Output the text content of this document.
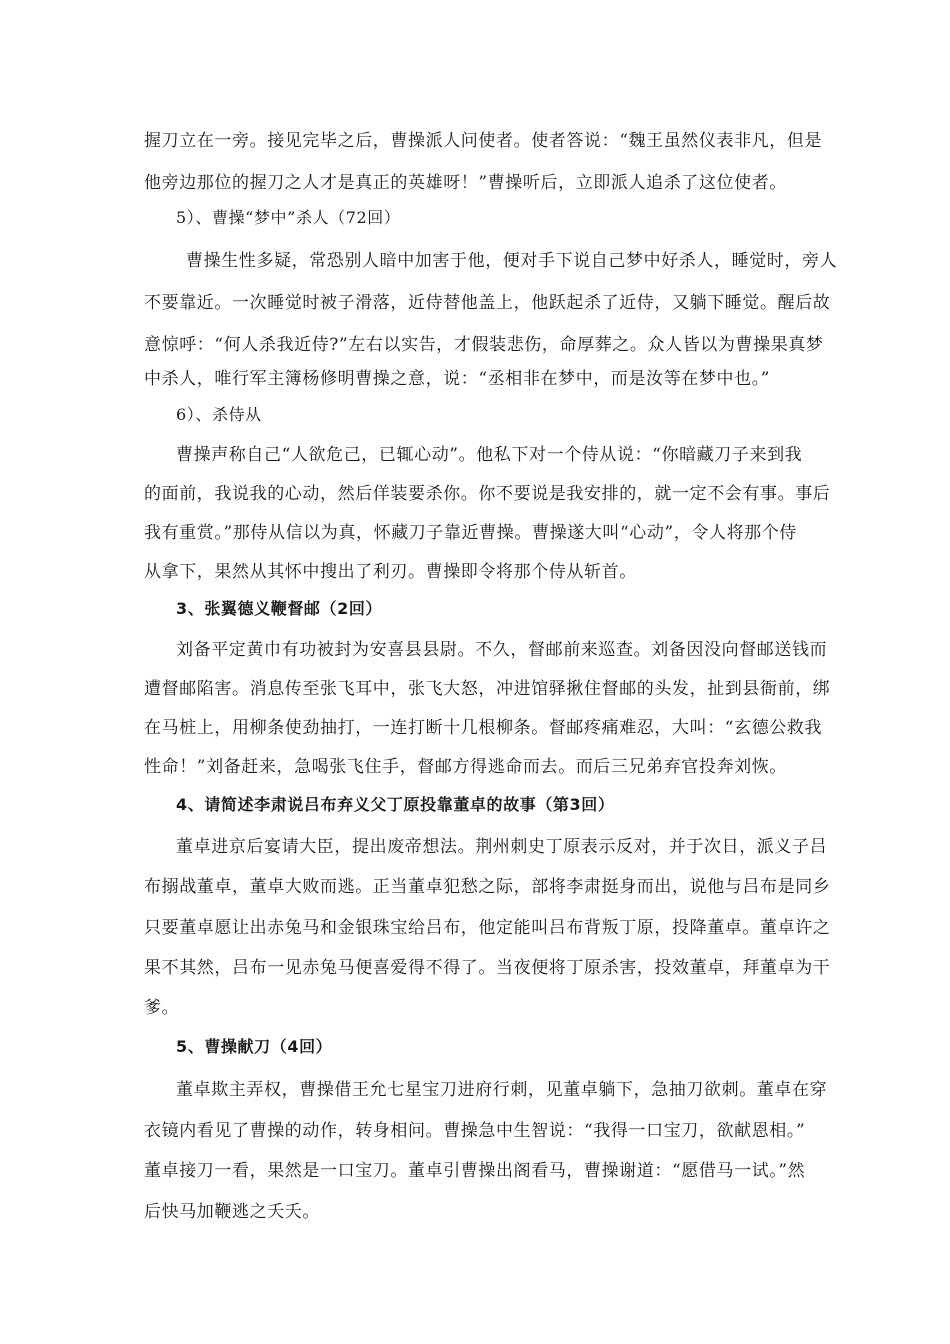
握刀立在一旁。接见完毕之后，曹操派人问使者。使者答说：“魏王虽然仪表非凡，但是
他旁边那位的握刀之人才是真正的英雄呀！”曹操听后，立即派人追杀了这位使者。
5）、曹操“梦中”杀人（72回）
曹操生性多疑，常恐别人暗中加害于他，便对手下说自己梦中好杀人，睡觉时，旁人
不要靠近。一次睡觉时被子滑落，近侍替他盖上，他跃起杀了近侍，又躺下睡觉。醒后故
意惊呼：“何人杀我近侍?”左右以实告，才假装悲伤，命厚葬之。众人皆以为曹操果真梦
中杀人，唯行军主簿杨修明曹操之意，说：“丞相非在梦中，而是汝等在梦中也。”
6）、杀侍从
曹操声称自己“人欲危己，已辄心动”。他私下对一个侍从说：“你暗藏刀子来到我
的面前，我说我的心动，然后佯装要杀你。你不要说是我安排的，就一定不会有事。事后
我有重赏。”那侍从信以为真，怀藏刀子靠近曹操。曹操遂大叫“心动”，令人将那个侍
从拿下，果然从其怀中搜出了利刃。曹操即令将那个侍从斩首。
3、张翼德义鞭督邮（2回）
刘备平定黄巾有功被封为安喜县县尉。不久，督邮前来巡查。刘备因没向督邮送钱而
遭督邮陷害。消息传至张飞耳中，张飞大怒，冲进馆驿揪住督邮的头发，扯到县衙前，绑
在马桩上，用柳条使劲抽打，一连打断十几根柳条。督邮疼痛难忍，大叫：“玄德公救我
性命！”刘备赶来，急喝张飞住手，督邮方得逃命而去。而后三兄弟弃官投奔刘恢。
4、请简述李肃说吕布弃义父丁原投靠董卓的故事（第3回）
董卓进京后宴请大臣，提出废帝想法。荆州刺史丁原表示反对，并于次日，派义子吕
布搦战董卓，董卓大败而逃。正当董卓犯愁之际，部将李肃挺身而出，说他与吕布是同乡
只要董卓愿让出赤兔马和金银珠宝给吕布，他定能叫吕布背叛丁原，投降董卓。董卓许之
果不其然，吕布一见赤兔马便喜爱得不得了。当夜便将丁原杀害，投效董卓，拜董卓为干
爹。
5、曹操献刀（4回）
董卓欺主弄权，曹操借王允七星宝刀进府行刺，见董卓躺下，急抽刀欲刺。董卓在穿
衣镜内看见了曹操的动作，转身相问。曹操急中生智说：“我得一口宝刀，欲献恩相。”
董卓接刀一看，果然是一口宝刀。董卓引曹操出阁看马，曹操谢道：“愿借马一试。”然
后快马加鞭逃之夭夭。
